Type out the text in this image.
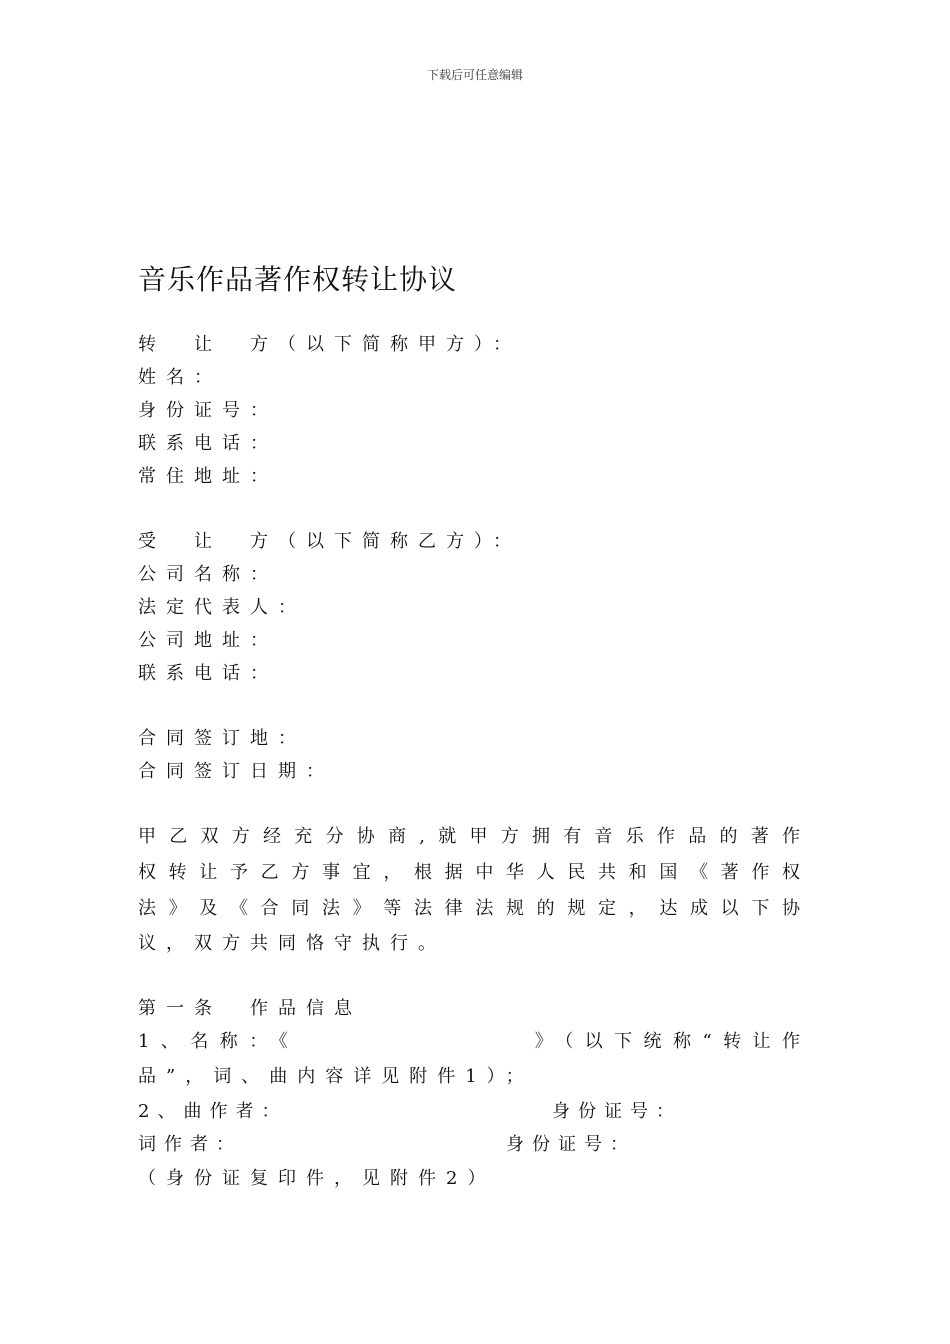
下载后可任意编辑
音乐作品著作权转让协议
转　让　方（以下简称甲方）：
姓名：
身份证号：
联系电话：
常住地址：
受　让　方（以下简称乙方）：
公司名称：
法定代表人：
公司地址：
联系电话：
合同签订地：
合同签订日期：
甲乙双方经充分协商,就甲方拥有音乐作品的著作
权转让予乙方事宜，根据中华人民共和国《著作权
法》及《合同法》等法律法规的规定，达成以下协
议，双方共同恪守执行。
第一条　作品信息
1、名称：《　　　　　　　　》（以下统称“转让作
品”，词、曲内容详见附件1）；
2、曲作者：	身份证号：
词作者：	身份证号：
（身份证复印件，见附件2）
